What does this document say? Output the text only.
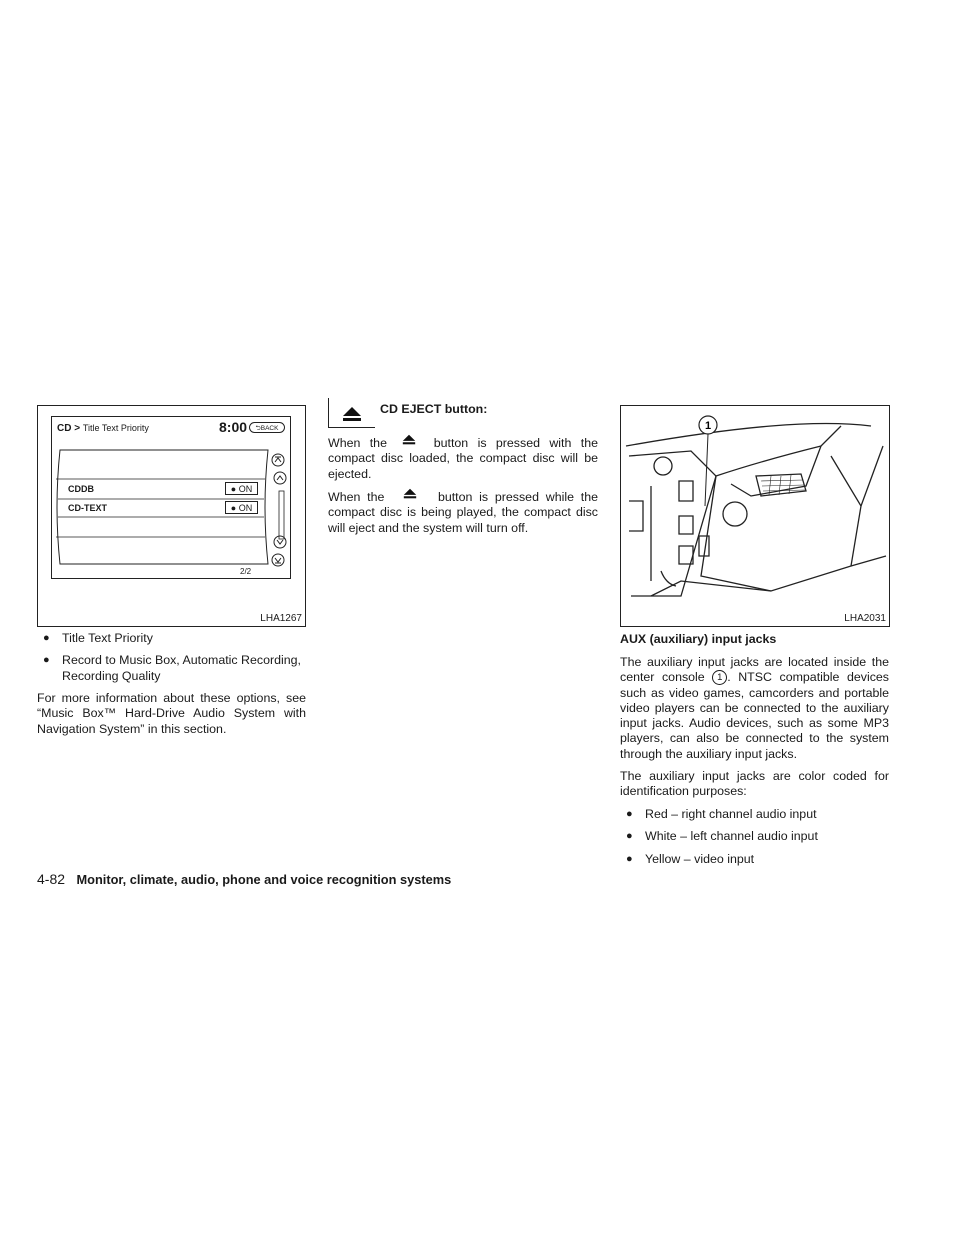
CD > Title Text Priority	8:00	⮌BACK
CDDB	● ON
CD-TEXT	● ON
2/2
LHA1267
● Title Text Priority
● Record to Music Box, Automatic Recording, Recording Quality

For more information about these options, see “Music Box™ Hard-Drive Audio System with Navigation System” in this section.

CD EJECT button:

When the	button is pressed with the compact disc loaded, the compact disc will be ejected.

When the	button is pressed while the compact disc is being played, the compact disc will eject and the system will turn off.

1
LHA2031
AUX (auxiliary) input jacks

The auxiliary input jacks are located inside the center console 1 . NTSC compatible devices such as video games, camcorders and portable video players can be connected to the auxiliary input jacks. Audio devices, such as some MP3 players, can also be connected to the system through the auxiliary input jacks.

The auxiliary input jacks are color coded for identification purposes:

● Red – right channel audio input
● White – left channel audio input
● Yellow – video input
4-82 Monitor, climate, audio, phone and voice recognition systems
